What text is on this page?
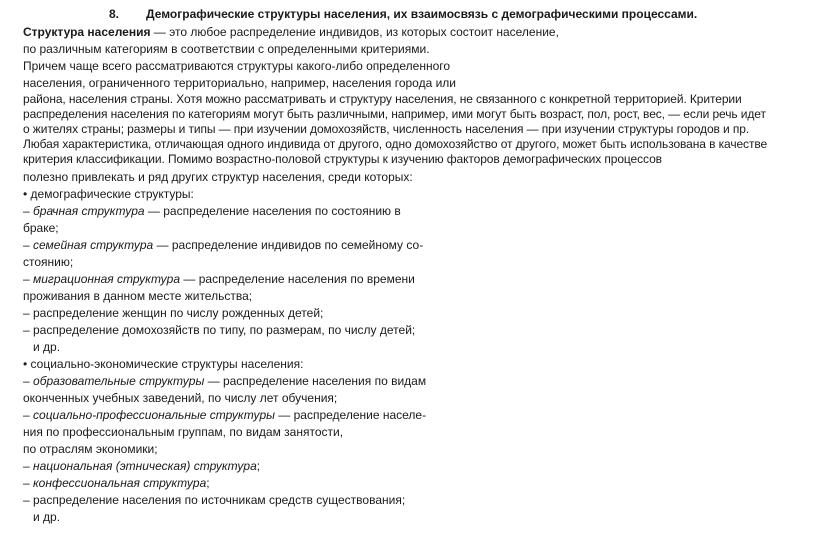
8. Демографические структуры населения, их взаимосвязь с демографическими процессами.
Структура населения — это любое распределение индивидов, из которых состоит население,
по различным категориям в соответствии с определенными критериями.
Причем чаще всего рассматриваются структуры какого-либо определенного
населения, ограниченного территориально, например, населения города или
района, населения страны. Хотя можно рассматривать и структуру населения, не связанного с конкретной территорией. Критерии
распределения населения по категориям могут быть различными, например, ими могут быть возраст, пол, рост, вес, — если речь идет
о жителях страны; размеры и типы — при изучении домохозяйств, численность населения — при изучении структуры городов и пр.
Любая характеристика, отличающая одного индивида от другого, одно домохозяйство от другого, может быть использована в качестве
критерия классификации. Помимо возрастно-половой структуры к изучению факторов демографических процессов
полезно привлекать и ряд других структур населения, среди которых:
• демографические структуры:
– брачная структура — распределение населения по состоянию в
браке;
– семейная структура — распределение индивидов по семейному со-
стоянию;
– миграционная структура — распределение населения по времени
проживания в данном месте жительства;
– распределение женщин по числу рожденных детей;
– распределение домохозяйств по типу, по размерам, по числу детей;
и др.
• социально-экономические структуры населения:
– образовательные структуры — распределение населения по видам
оконченных учебных заведений, по числу лет обучения;
– социально-профессиональные структуры — распределение населе-
ния по профессиональным группам, по видам занятости,
по отраслям экономики;
– национальная (этническая) структура;
– конфессиональная структура;
– распределение населения по источникам средств существования;
и др.
